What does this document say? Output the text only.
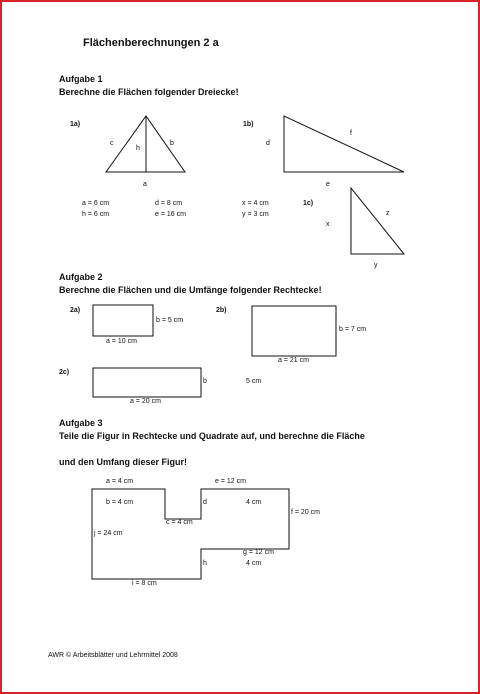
Flächenberechnungen 2 a
Aufgabe 1
Berechne die Flächen folgender Dreiecke!
1a)
c
h
b
a
1b)
d
f
e
a = 6 cm
h = 6 cm
d = 8 cm
e = 16 cm
x = 4 cm
y = 3 cm
1c)
x
z
y
Aufgabe 2
Berechne die Flächen und die Umfänge folgender Rechtecke!
2a)
b = 5 cm
a = 10 cm
2b)
b = 7 cm
a = 21 cm
2c)
b	5 cm
a = 20 cm
Aufgabe 3
Teile die Figur in Rechtecke und Quadrate auf, und berechne die Fläche
und den Umfang dieser Figur!
a = 4 cm
b = 4 cm
c = 4 cm
d	4 cm
e = 12 cm
f = 20 cm
g = 12 cm
h	4 cm
i = 8 cm
j = 24 cm
AWR © Arbeitsblätter und Lehrmittel 2008
